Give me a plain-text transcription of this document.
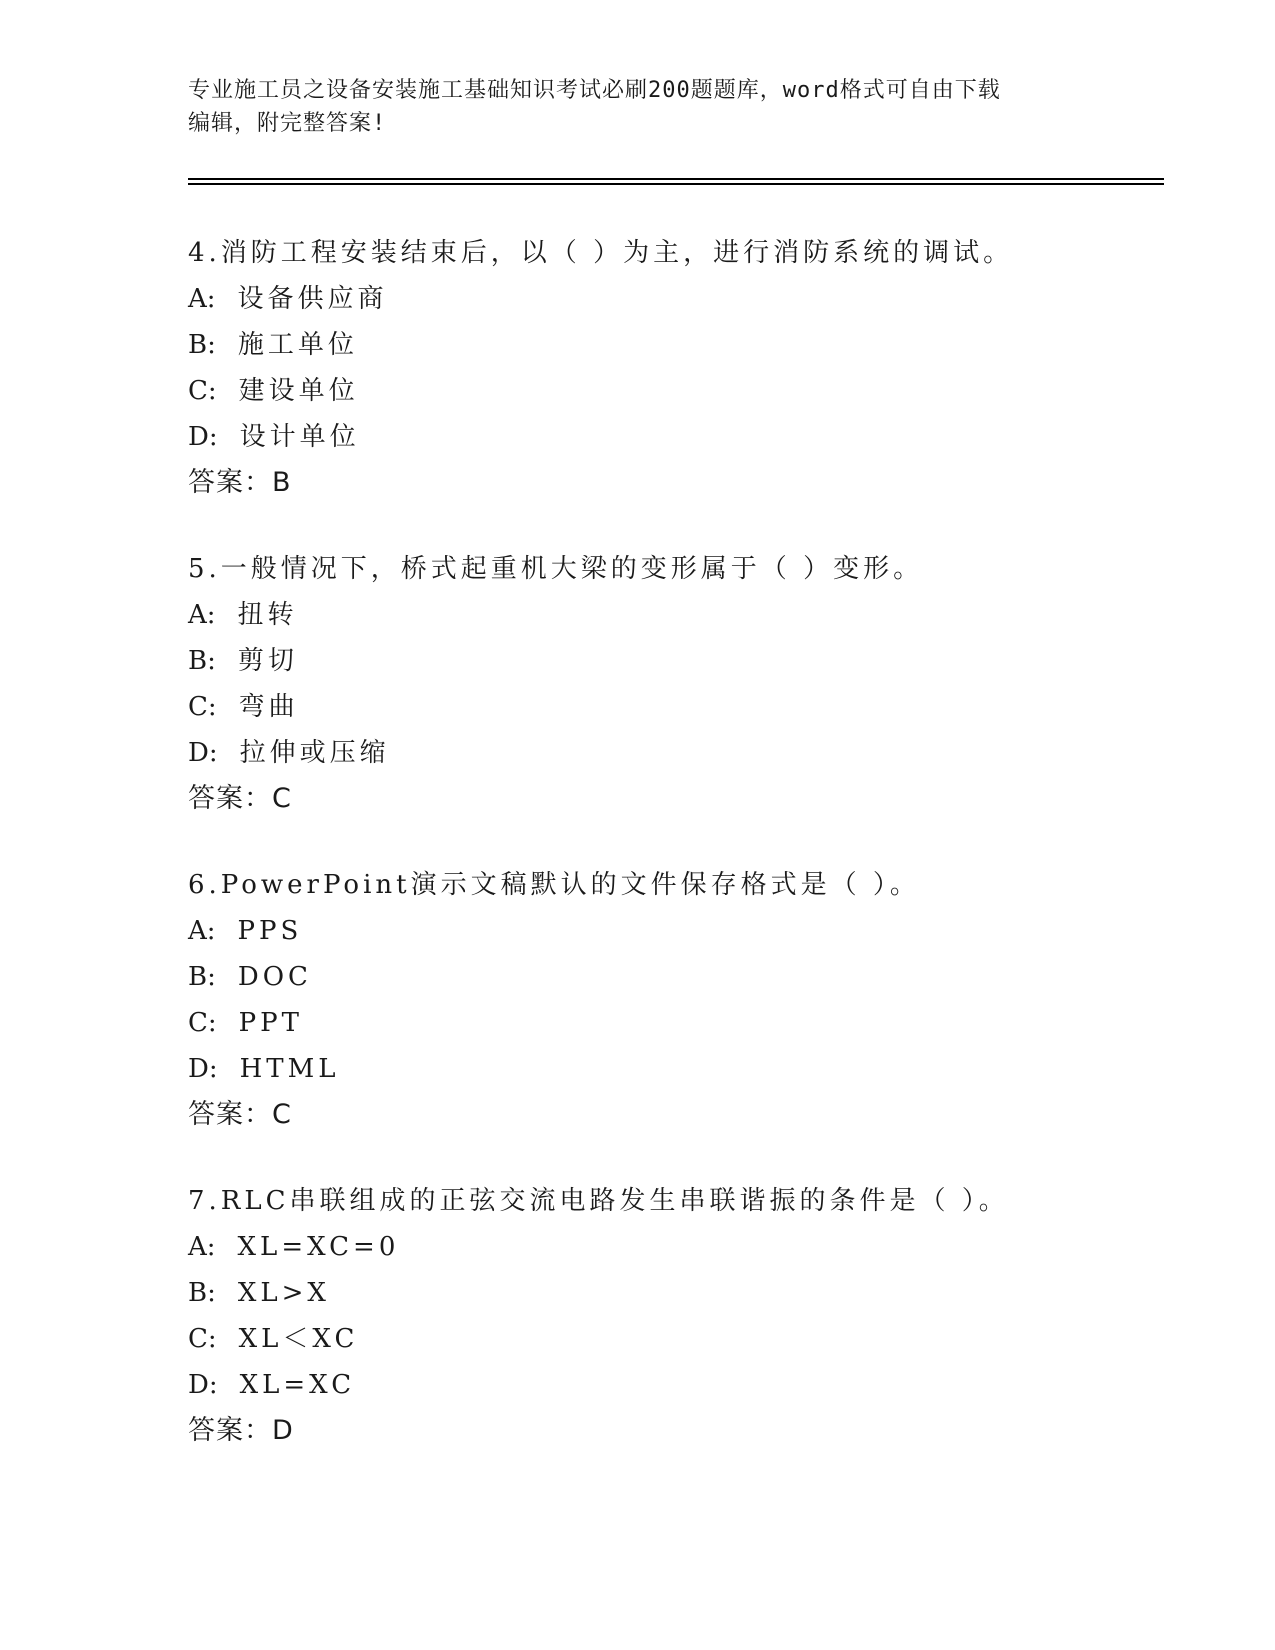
专业施工员之设备安装施工基础知识考试必刷200题题库，word格式可自由下载
编辑，附完整答案!
4.消防工程安装结束后，以（ ）为主，进行消防系统的调试。
A: 设备供应商
B: 施工单位
C: 建设单位
D: 设计单位
答案：B
5.一般情况下，桥式起重机大梁的变形属于（ ）变形。
A: 扭转
B: 剪切
C: 弯曲
D: 拉伸或压缩
答案：C
6.PowerPoint演示文稿默认的文件保存格式是（ ）。
A: PPS
B: DOC
C: PPT
D: HTML
答案：C
7.RLC串联组成的正弦交流电路发生串联谐振的条件是（ ）。
A: XL=XC=0
B: XL>X
C: XL＜XC
D: XL=XC
答案：D
